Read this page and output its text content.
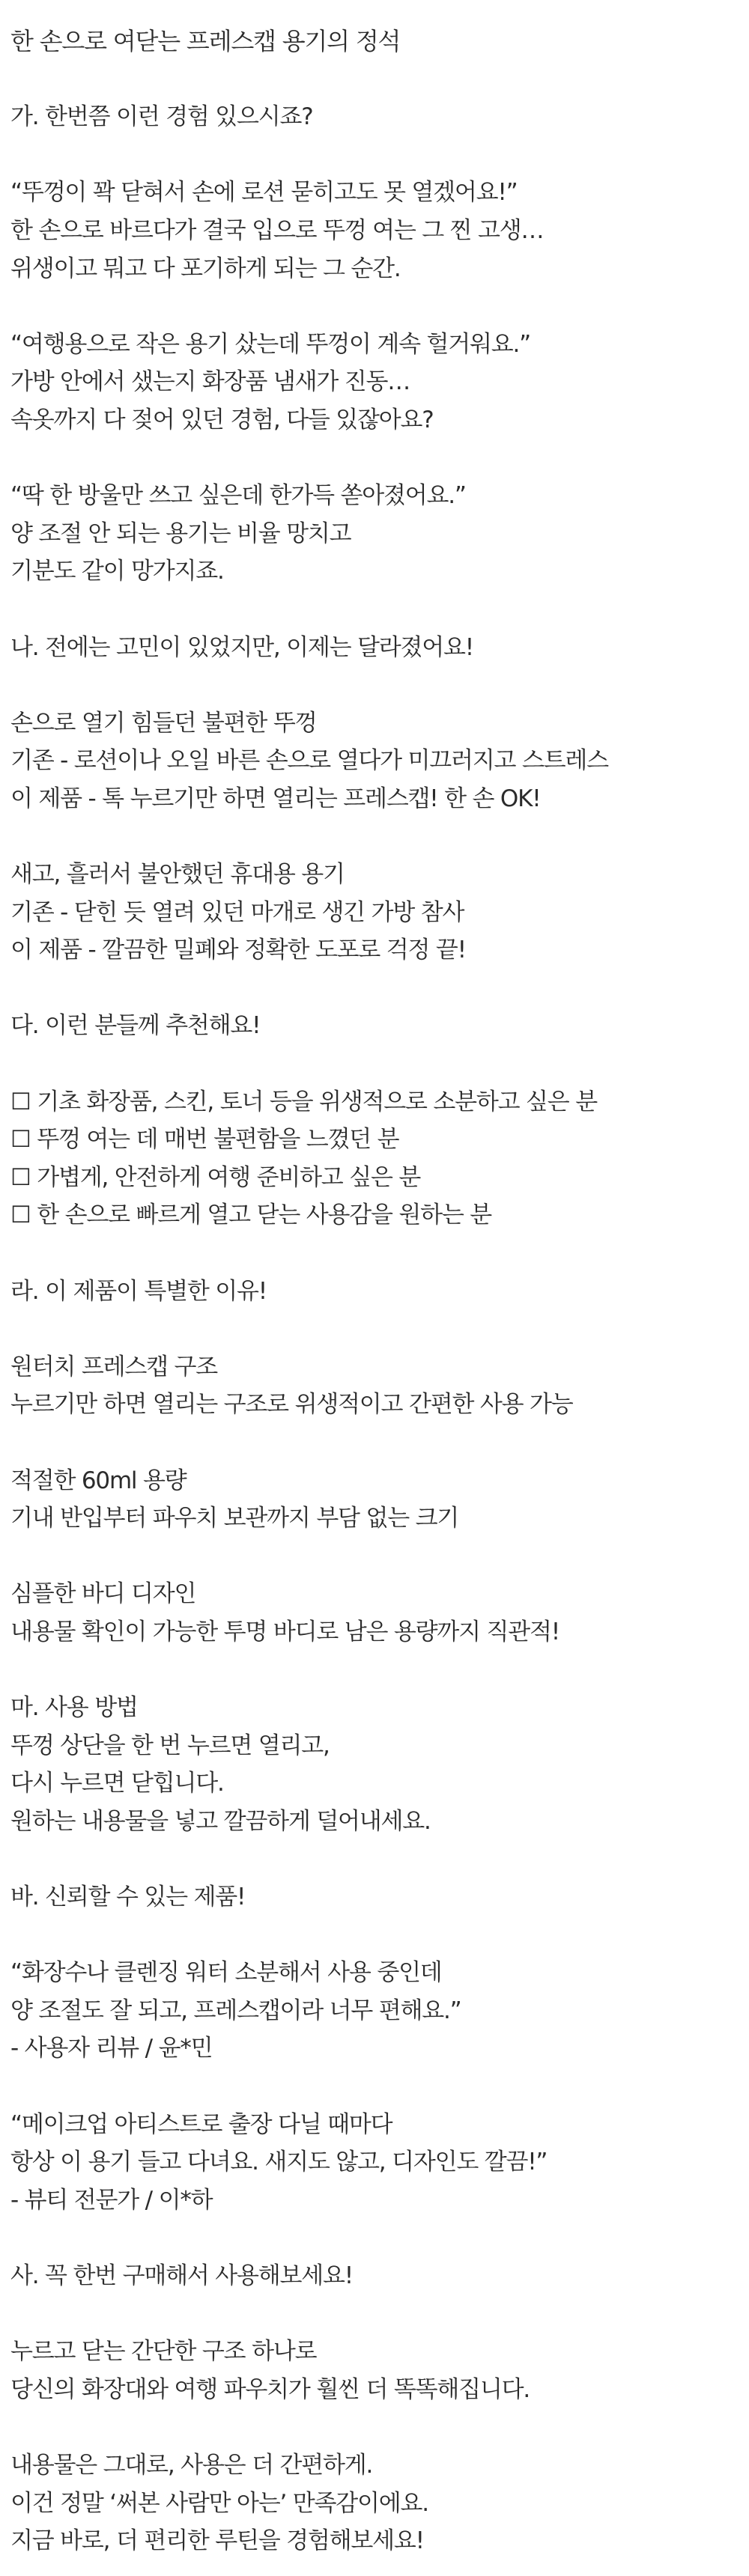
한 손으로 여닫는 프레스캡 용기의 정석
가. 한번쯤 이런 경험 있으시죠?
“뚜껑이 꽉 닫혀서 손에 로션 묻히고도 못 열겠어요!”
한 손으로 바르다가 결국 입으로 뚜껑 여는 그 찐 고생…
위생이고 뭐고 다 포기하게 되는 그 순간.
“여행용으로 작은 용기 샀는데 뚜껑이 계속 헐거워요.”
가방 안에서 샜는지 화장품 냄새가 진동…
속옷까지 다 젖어 있던 경험, 다들 있잖아요?
“딱 한 방울만 쓰고 싶은데 한가득 쏟아졌어요.”
양 조절 안 되는 용기는 비율 망치고
기분도 같이 망가지죠.
나. 전에는 고민이 있었지만, 이제는 달라졌어요!
손으로 열기 힘들던 불편한 뚜껑
기존 - 로션이나 오일 바른 손으로 열다가 미끄러지고 스트레스
이 제품 - 톡 누르기만 하면 열리는 프레스캡! 한 손 OK!
새고, 흘러서 불안했던 휴대용 용기
기존 - 닫힌 듯 열려 있던 마개로 생긴 가방 참사
이 제품 - 깔끔한 밀폐와 정확한 도포로 걱정 끝!
다. 이런 분들께 추천해요!
☐ 기초 화장품, 스킨, 토너 등을 위생적으로 소분하고 싶은 분
☐ 뚜껑 여는 데 매번 불편함을 느꼈던 분
☐ 가볍게, 안전하게 여행 준비하고 싶은 분
☐ 한 손으로 빠르게 열고 닫는 사용감을 원하는 분
라. 이 제품이 특별한 이유!
원터치 프레스캡 구조
누르기만 하면 열리는 구조로 위생적이고 간편한 사용 가능
적절한 60ml 용량
기내 반입부터 파우치 보관까지 부담 없는 크기
심플한 바디 디자인
내용물 확인이 가능한 투명 바디로 남은 용량까지 직관적!
마. 사용 방법
뚜껑 상단을 한 번 누르면 열리고,
다시 누르면 닫힙니다.
원하는 내용물을 넣고 깔끔하게 덜어내세요.
바. 신뢰할 수 있는 제품!
“화장수나 클렌징 워터 소분해서 사용 중인데
양 조절도 잘 되고, 프레스캡이라 너무 편해요.”
- 사용자 리뷰 / 윤*민
“메이크업 아티스트로 출장 다닐 때마다
항상 이 용기 들고 다녀요. 새지도 않고, 디자인도 깔끔!”
- 뷰티 전문가 / 이*하
사. 꼭 한번 구매해서 사용해보세요!
누르고 닫는 간단한 구조 하나로
당신의 화장대와 여행 파우치가 훨씬 더 똑똑해집니다.
내용물은 그대로, 사용은 더 간편하게.
이건 정말 ‘써본 사람만 아는’ 만족감이에요.
지금 바로, 더 편리한 루틴을 경험해보세요!
